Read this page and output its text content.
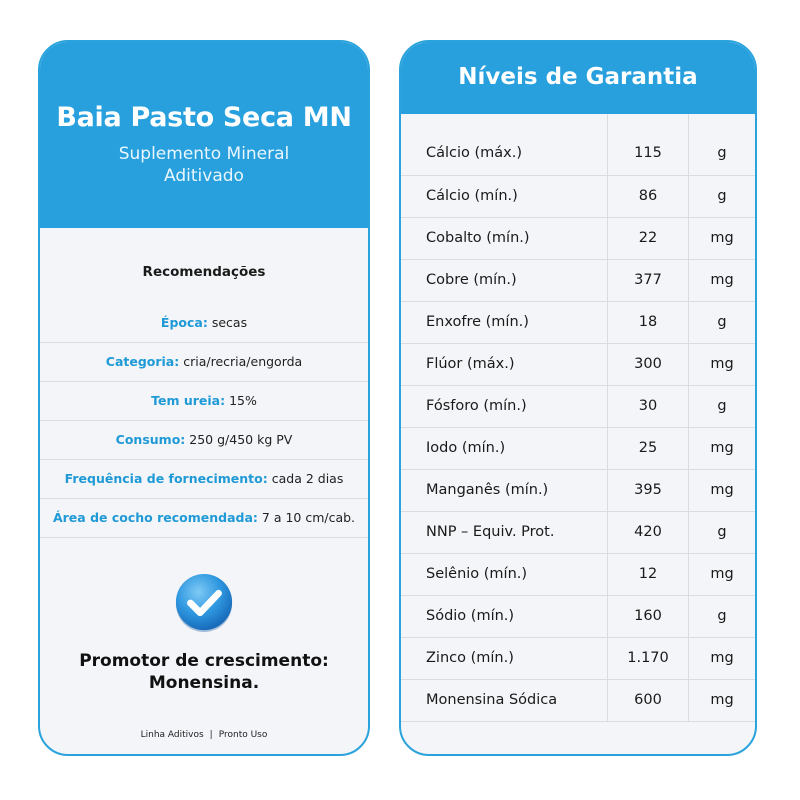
Baia Pasto Seca MN
Suplemento Mineral
Aditivado
Recomendações
Época: secas
Categoria: cria/recria/engorda
Tem ureia: 15%
Consumo: 250 g/450 kg PV
Frequência de fornecimento: cada 2 dias
Área de cocho recomendada: 7 a 10 cm/cab.
Promotor de crescimento:
Monensina.
Linha Aditivos | Pronto Uso
Níveis de Garantia
Cálcio (máx.)	115	g
Cálcio (mín.)	86	g
Cobalto (mín.)	22	mg
Cobre (mín.)	377	mg
Enxofre (mín.)	18	g
Flúor (máx.)	300	mg
Fósforo (mín.)	30	g
Iodo (mín.)	25	mg
Manganês (mín.)	395	mg
NNP – Equiv. Prot.	420	g
Selênio (mín.)	12	mg
Sódio (mín.)	160	g
Zinco (mín.)	1.170	mg
Monensina Sódica	600	mg
